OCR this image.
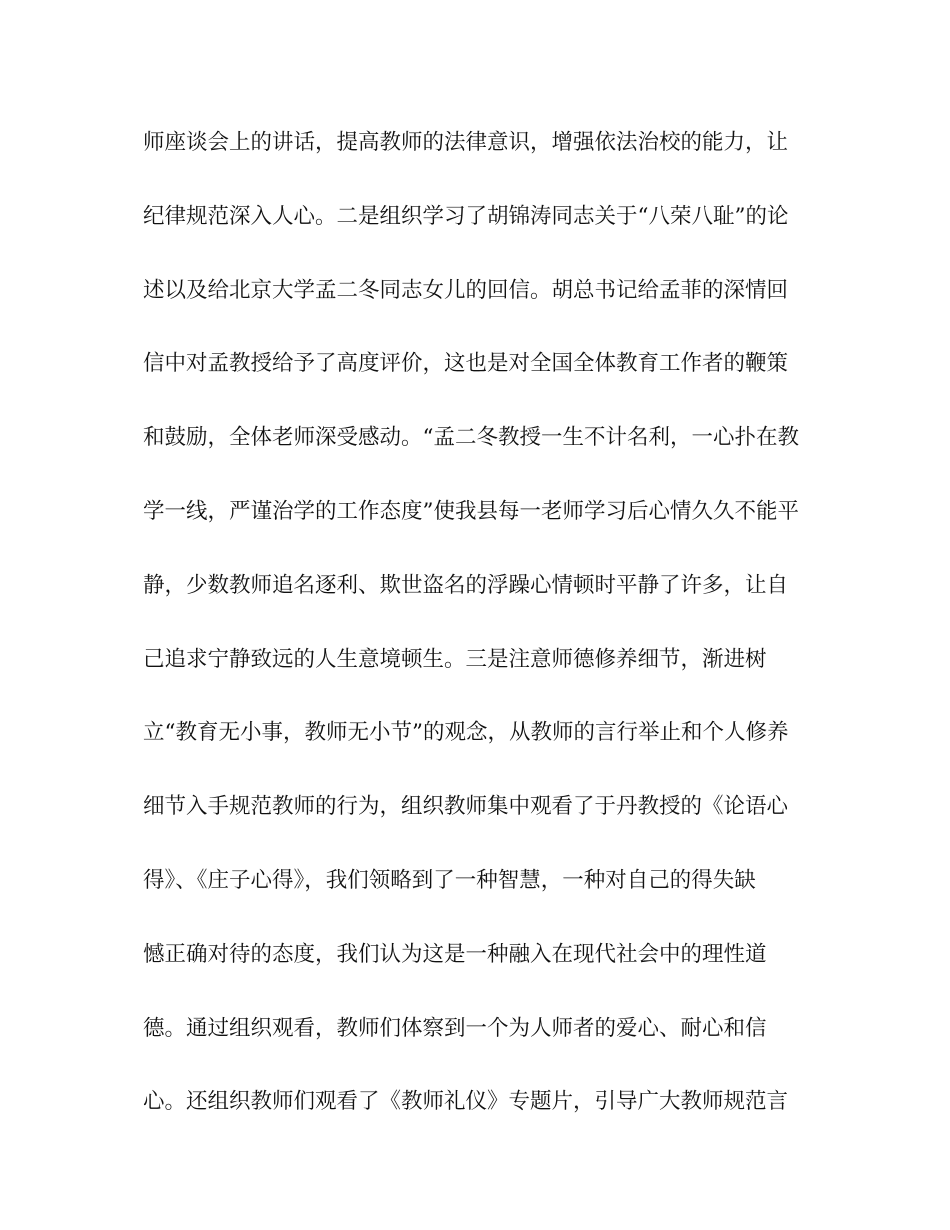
师座谈会上的讲话，提高教师的法律意识，增强依法治校的能力，让
纪律规范深入人心。二是组织学习了胡锦涛同志关于“八荣八耻”的论
述以及给北京大学孟二冬同志女儿的回信。胡总书记给孟菲的深情回
信中对孟教授给予了高度评价，这也是对全国全体教育工作者的鞭策
和鼓励，全体老师深受感动。“孟二冬教授一生不计名利，一心扑在教
学一线，严谨治学的工作态度”使我县每一老师学习后心情久久不能平
静，少数教师追名逐利、欺世盗名的浮躁心情顿时平静了许多，让自
己追求宁静致远的人生意境顿生。三是注意师德修养细节，渐进树
立“教育无小事，教师无小节”的观念，从教师的言行举止和个人修养
细节入手规范教师的行为，组织教师集中观看了于丹教授的《论语心
得》、《庄子心得》，我们领略到了一种智慧，一种对自己的得失缺
憾正确对待的态度，我们认为这是一种融入在现代社会中的理性道
德。通过组织观看，教师们体察到一个为人师者的爱心、耐心和信
心。还组织教师们观看了《教师礼仪》专题片，引导广大教师规范言
